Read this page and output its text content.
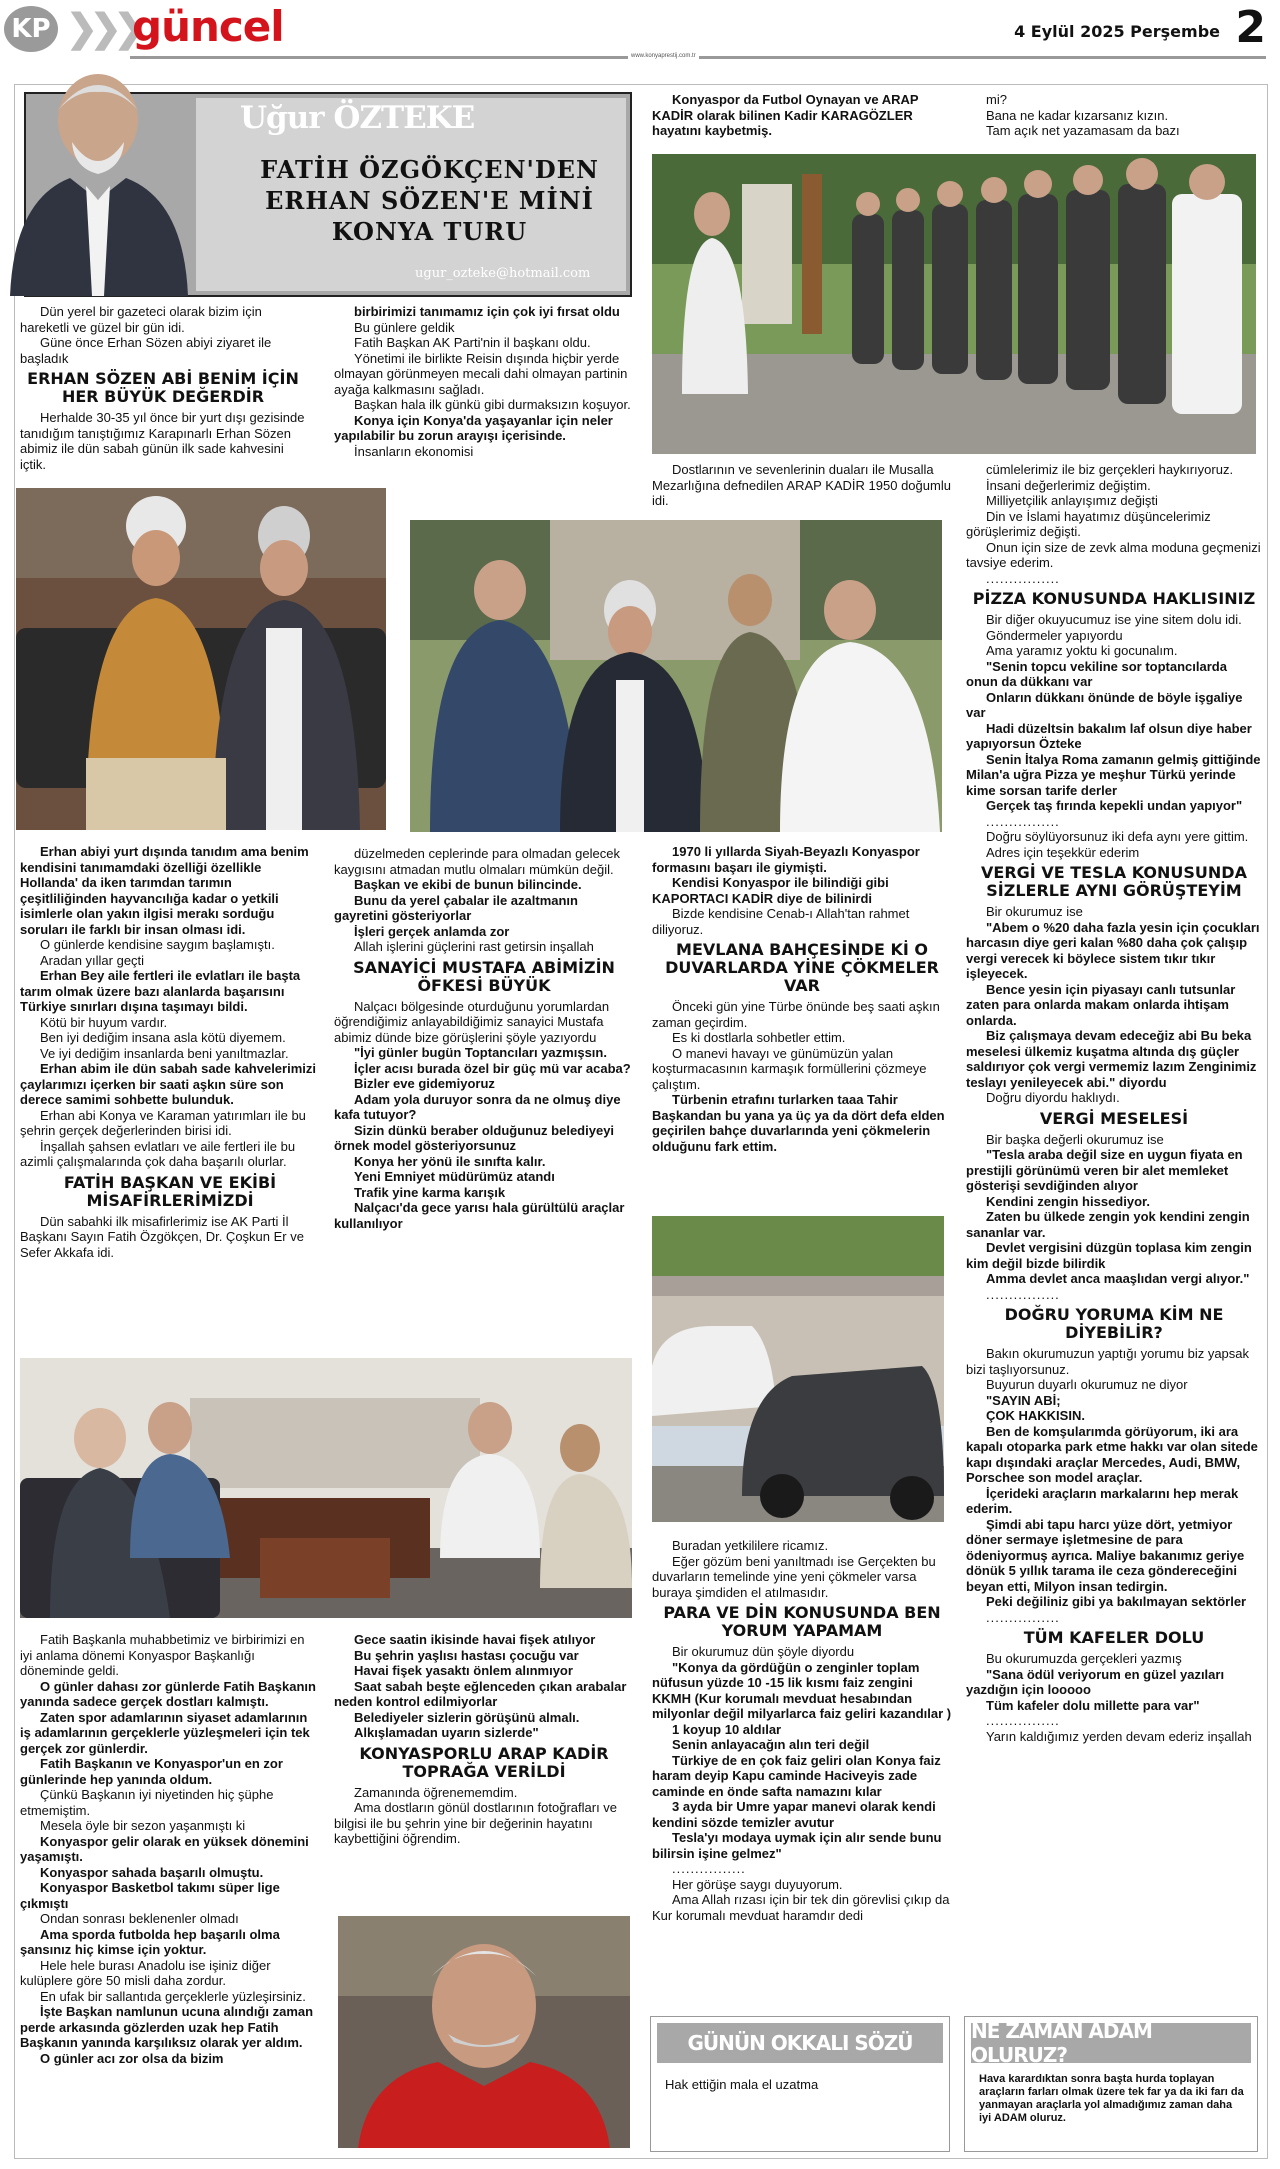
KP ❯❯❯
güncel	4 Eylül 2025 Perşembe 2
www.konyaprestij.com.tr
Uğur ÖZTEKE
FATİH ÖZGÖKÇEN'DEN ERHAN SÖZEN'E MİNİ KONYA TURU
ugur_ozteke@hotmail.com

Dün yerel bir gazeteci olarak bizim için hareketli ve güzel bir gün idi.

Güne önce Erhan Sözen abiyi ziyaret ile başladık

ERHAN SÖZEN ABİ BENİM İÇİN HER BÜYÜK DEĞERDİR

Herhalde 30-35 yıl önce bir yurt dışı gezisinde tanıdığım tanıştığımız Karapınarlı Erhan Sözen abimiz ile dün sabah günün ilk sade kahvesini içtik.

Erhan abiyi yurt dışında tanıdım ama benim kendisini tanımamdaki özelliği özellikle Hollanda' da iken tarımdan tarımın çeşitliliğinden hayvancılığa kadar o yetkili isimlerle olan yakın ilgisi merakı sorduğu soruları ile farklı bir insan olması idi.

O günlerde kendisine saygım başlamıştı.

Aradan yıllar geçti

Erhan Bey aile fertleri ile evlatları ile başta tarım olmak üzere bazı alanlarda başarısını Türkiye sınırları dışına taşımayı bildi.

Kötü bir huyum vardır.

Ben iyi dediğim insana asla kötü diyemem.

Ve iyi dediğim insanlarda beni yanıltmazlar.

Erhan abim ile dün sabah sade kahvelerimizi çaylarımızı içerken bir saati aşkın süre son derece samimi sohbette bulunduk.

Erhan abi Konya ve Karaman yatırımları ile bu şehrin gerçek değerlerinden birisi idi.

İnşallah şahsen evlatları ve aile fertleri ile bu azimli çalışmalarında çok daha başarılı olurlar.

FATİH BAŞKAN VE EKİBİ MİSAFİRLERİMİZDİ

Dün sabahki ilk misafirlerimiz ise AK Parti İl Başkanı Sayın Fatih Özgökçen, Dr. Çoşkun Er ve Sefer Akkafa idi.

Fatih Başkanla muhabbetimiz ve birbirimizi en iyi anlama dönemi Konyaspor Başkanlığı döneminde geldi.

O günler dahası zor günlerde Fatih Başkanın yanında sadece gerçek dostları kalmıştı.

Zaten spor adamlarının siyaset adamlarının iş adamlarının gerçeklerle yüzleşmeleri için tek gerçek zor günlerdir.

Fatih Başkanın ve Konyaspor'un en zor günlerinde hep yanında oldum.

Çünkü Başkanın iyi niyetinden hiç şüphe etmemiştim.

Mesela öyle bir sezon yaşanmıştı ki

Konyaspor gelir olarak en yüksek dönemini yaşamıştı.

Konyaspor sahada başarılı olmuştu.

Konyaspor Basketbol takımı süper lige çıkmıştı

Ondan sonrası beklenenler olmadı

Ama sporda futbolda hep başarılı olma şansınız hiç kimse için yoktur.

Hele hele burası Anadolu ise işiniz diğer kulüplere göre 50 misli daha zordur.

En ufak bir sallantıda gerçeklerle yüzleşirsiniz.

İşte Başkan namlunun ucuna alındığı zaman perde arkasında gözlerden uzak hep Fatih Başkanın yanında karşılıksız olarak yer aldım.

O günler acı zor olsa da bizim

birbirimizi tanımamız için çok iyi fırsat oldu

Bu günlere geldik

Fatih Başkan AK Parti'nin il başkanı oldu.

Yönetimi ile birlikte Reisin dışında hiçbir yerde olmayan görünmeyen mecali dahi olmayan partinin ayağa kalkmasını sağladı.

Başkan hala ilk günkü gibi durmaksızın koşuyor.

Konya için Konya'da yaşayanlar için neler yapılabilir bu zorun arayışı içerisinde.

İnsanların ekonomisi

düzelmeden ceplerinde para olmadan gelecek kaygısını atmadan mutlu olmaları mümkün değil.

Başkan ve ekibi de bunun bilincinde.

Bunu da yerel çabalar ile azaltmanın gayretini gösteriyorlar

İşleri gerçek anlamda zor

Allah işlerini güçlerini rast getirsin inşallah

SANAYİCİ MUSTAFA ABİMİZİN ÖFKESİ BÜYÜK

Nalçacı bölgesinde oturduğunu yorumlardan öğrendiğimiz anlayabildiğimiz sanayici Mustafa abimiz dünde bize görüşlerini şöyle yazıyordu

"İyi günler bugün Toptancıları yazmışsın.

İçler acısı burada özel bir güç mü var acaba?

Bizler eve gidemiyoruz

Adam yola duruyor sonra da ne olmuş diye kafa tutuyor?

Sizin dünkü beraber olduğunuz belediyeyi örnek model gösteriyorsunuz

Konya her yönü ile sınıfta kalır.

Yeni Emniyet müdürümüz atandı

Trafik yine karma karışık

Nalçacı'da gece yarısı hala gürültülü araçlar kullanılıyor

Gece saatin ikisinde havai fişek atılıyor

Bu şehrin yaşlısı hastası çocuğu var

Havai fişek yasaktı önlem alınmıyor

Saat sabah beşte eğlenceden çıkan arabalar neden kontrol edilmiyorlar

Belediyeler sizlerin görüşünü almalı.

Alkışlamadan uyarın sizlerde"

KONYASPORLU ARAP KADİR TOPRAĞA VERİLDİ

Zamanında öğrenememdim.

Ama dostların gönül dostlarının fotoğrafları ve bilgisi ile bu şehrin yine bir değerinin hayatını kaybettiğini öğrendim.

Konyaspor da Futbol Oynayan ve ARAP KADİR olarak bilinen Kadir KARAGÖZLER hayatını kaybetmiş.

Dostlarının ve sevenlerinin duaları ile Musalla Mezarlığına defnedilen ARAP KADİR 1950 doğumlu idi.

1970 li yıllarda Siyah-Beyazlı Konyaspor formasını başarı ile giymişti.

Kendisi Konyaspor ile bilindiği gibi KAPORTACI KADİR diye de bilinirdi

Bizde kendisine Cenab-ı Allah'tan rahmet diliyoruz.

MEVLANA BAHÇESİNDE Kİ O DUVARLARDA YİNE ÇÖKMELER VAR

Önceki gün yine Türbe önünde beş saati aşkın zaman geçirdim.

Es ki dostlarla sohbetler ettim.

O manevi havayı ve günümüzün yalan koşturmacasının karmaşık formüllerini çözmeye çalıştım.

Türbenin etrafını turlarken taaa Tahir Başkandan bu yana ya üç ya da dört defa elden geçirilen bahçe duvarlarında yeni çökmelerin olduğunu fark ettim.

Buradan yetkililere ricamız.

Eğer gözüm beni yanıltmadı ise Gerçekten bu duvarların temelinde yine yeni çökmeler varsa buraya şimdiden el atılmasıdır.

PARA VE DİN KONUSUNDA BEN YORUM YAPAMAM

Bir okurumuz dün şöyle diyordu

"Konya da gördüğün o zenginler toplam nüfusun yüzde 10 -15 lik kısmı faiz zengini KKMH (Kur korumalı mevduat hesabından milyonlar değil milyarlarca faiz geliri kazandılar )

1 koyup 10 aldılar

Senin anlayacağın alın teri değil

Türkiye de en çok faiz geliri olan Konya faiz haram deyip Kapu caminde Haciveyis zade caminde en önde safta namazını kılar

3 ayda bir Umre yapar manevi olarak kendi kendini sözde temizler avutur

Tesla'yı modaya uymak için alır sende bunu bilirsin işine gelmez"

................

Her görüşe saygı duyuyorum.

Ama Allah rızası için bir tek din görevlisi çıkıp da Kur korumalı mevduat haramdır dedi

mi?

Bana ne kadar kızarsanız kızın.

Tam açık net yazamasam da bazı

cümlelerimiz ile biz gerçekleri haykırıyoruz.

İnsani değerlerimiz değiştim.

Milliyetçilik anlayışımız değişti

Din ve İslami hayatımız düşüncelerimiz görüşlerimiz değişti.

Onun için size de zevk alma moduna geçmenizi tavsiye ederim.

................

PİZZA KONUSUNDA HAKLISINIZ

Bir diğer okuyucumuz ise yine sitem dolu idi.

Göndermeler yapıyordu

Ama yaramız yoktu ki gocunalım.

"Senin topcu vekiline sor toptancılarda onun da dükkanı var

Onların dükkanı önünde de böyle işgaliye var

Hadi düzeltsin bakalım laf olsun diye haber yapıyorsun Özteke

Senin İtalya Roma zamanın gelmiş gittiğinde Milan'a uğra Pizza ye meşhur Türkü yerinde kime sorsan tarife derler

Gerçek taş fırında kepekli undan yapıyor"

................

Doğru söylüyorsunuz iki defa aynı yere gittim.

Adres için teşekkür ederim

VERGİ VE TESLA KONUSUNDA SİZLERLE AYNI GÖRÜŞTEYİM

Bir okurumuz ise

"Abem o %20 daha fazla yesin için çocukları harcasın diye geri kalan %80 daha çok çalışıp vergi verecek ki böylece sistem tıkır tıkır işleyecek.

Bence yesin için piyasayı canlı tutsunlar zaten para onlarda makam onlarda ihtişam onlarda.

Biz çalışmaya devam edeceğiz abi Bu beka meselesi ülkemiz kuşatma altında dış güçler saldırıyor çok vergi vermemiz lazım Zenginimiz teslayı yenileyecek abi." diyordu

Doğru diyordu haklıydı.

VERGİ MESELESİ

Bir başka değerli okurumuz ise

"Tesla araba değil size en uygun fiyata en prestijli görünümü veren bir alet memleket gösterişi sevdiğinden alıyor

Kendini zengin hissediyor.

Zaten bu ülkede zengin yok kendini zengin sananlar var.

Devlet vergisini düzgün toplasa kim zengin kim değil bizde bilirdik

Amma devlet anca maaşlıdan vergi alıyor."

................

DOĞRU YORUMA KİM NE DİYEBİLİR?

Bakın okurumuzun yaptığı yorumu biz yapsak bizi taşlıyorsunuz.

Buyurun duyarlı okurumuz ne diyor

"SAYIN ABİ;

ÇOK HAKKISIN.

Ben de komşularımda görüyorum, iki ara kapalı otoparka park etme hakkı var olan sitede kapı dışındaki araçlar Mercedes, Audi, BMW, Porschee son model araçlar.

İçerideki araçların markalarını hep merak ederim.

Şimdi abi tapu harcı yüze dört, yetmiyor döner sermaye işletmesine de para ödeniyormuş ayrıca. Maliye bakanımız geriye dönük 5 yıllık tarama ile ceza göndereceğini beyan etti, Milyon insan tedirgin.

Peki değiliniz gibi ya bakılmayan sektörler

................

TÜM KAFELER DOLU

Bu okurumuzda gerçekleri yazmış

"Sana ödül veriyorum en güzel yazıları yazdığın için looooo

Tüm kafeler dolu millette para var"

................

Yarın kaldığımız yerden devam ederiz inşallah

GÜNÜN OKKALI SÖZÜ
Hak ettiğin mala el uzatma
NE ZAMAN ADAM OLURUZ?
Hava karardıktan sonra başta hurda toplayan araçların farları olmak üzere tek far ya da iki farı da yanmayan araçlarla yol almadığımız zaman daha iyi ADAM oluruz.
